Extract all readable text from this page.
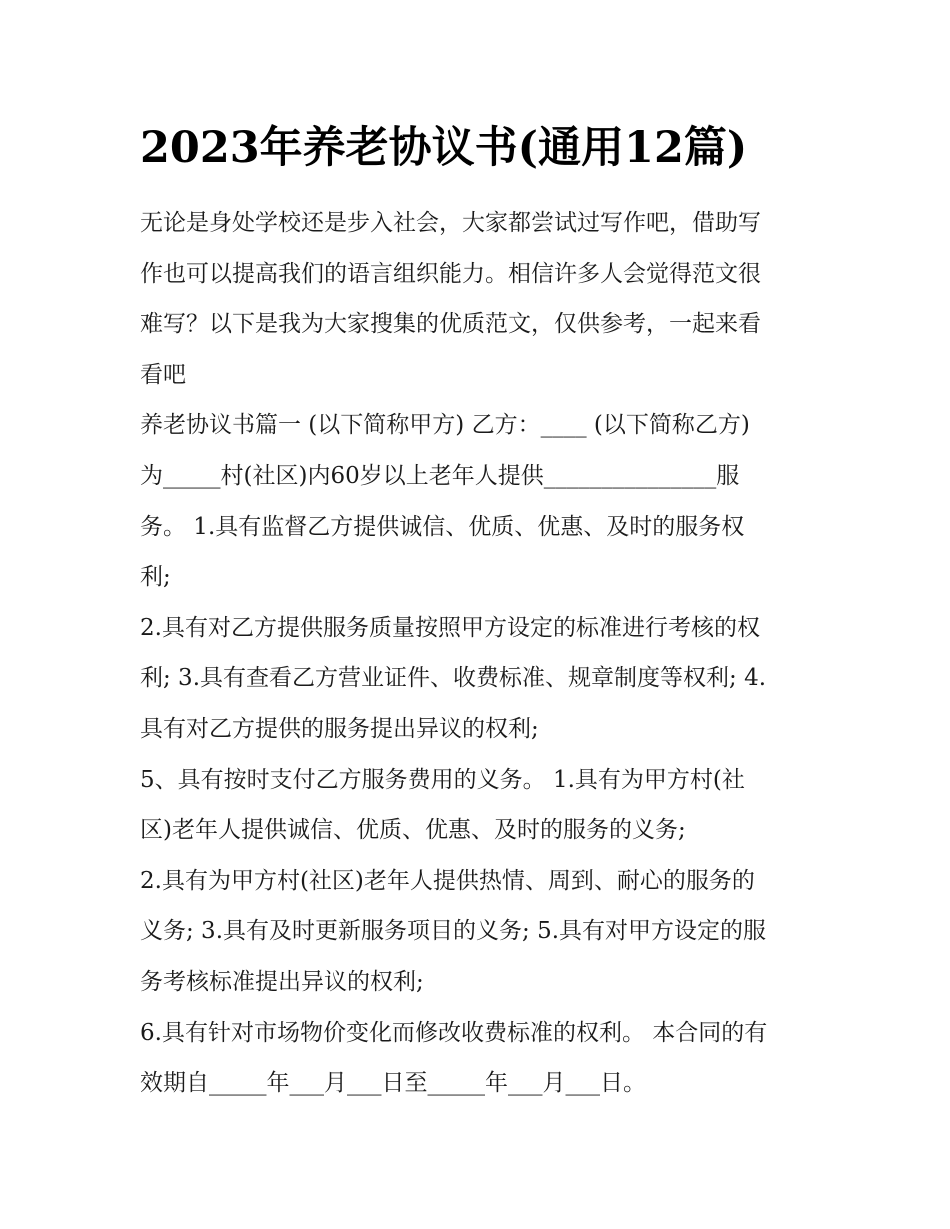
2023年养老协议书(通用12篇)
无论是身处学校还是步入社会，大家都尝试过写作吧，借助写
作也可以提高我们的语言组织能力。相信许多人会觉得范文很
难写？以下是我为大家搜集的优质范文，仅供参考，一起来看
看吧
养老协议书篇一 (以下简称甲方) 乙方：____ (以下简称乙方)
为_____村(社区)内60岁以上老年人提供_______________服
务。 1.具有监督乙方提供诚信、优质、优惠、及时的服务权
利;
2.具有对乙方提供服务质量按照甲方设定的标准进行考核的权
利; 3.具有查看乙方营业证件、收费标准、规章制度等权利; 4.
具有对乙方提供的服务提出异议的权利;
5、具有按时支付乙方服务费用的义务。 1.具有为甲方村(社
区)老年人提供诚信、优质、优惠、及时的服务的义务;
2.具有为甲方村(社区)老年人提供热情、周到、耐心的服务的
义务; 3.具有及时更新服务项目的义务; 5.具有对甲方设定的服
务考核标准提出异议的权利;
6.具有针对市场物价变化而修改收费标准的权利。 本合同的有
效期自_____年___月___日至_____年___月___日。
